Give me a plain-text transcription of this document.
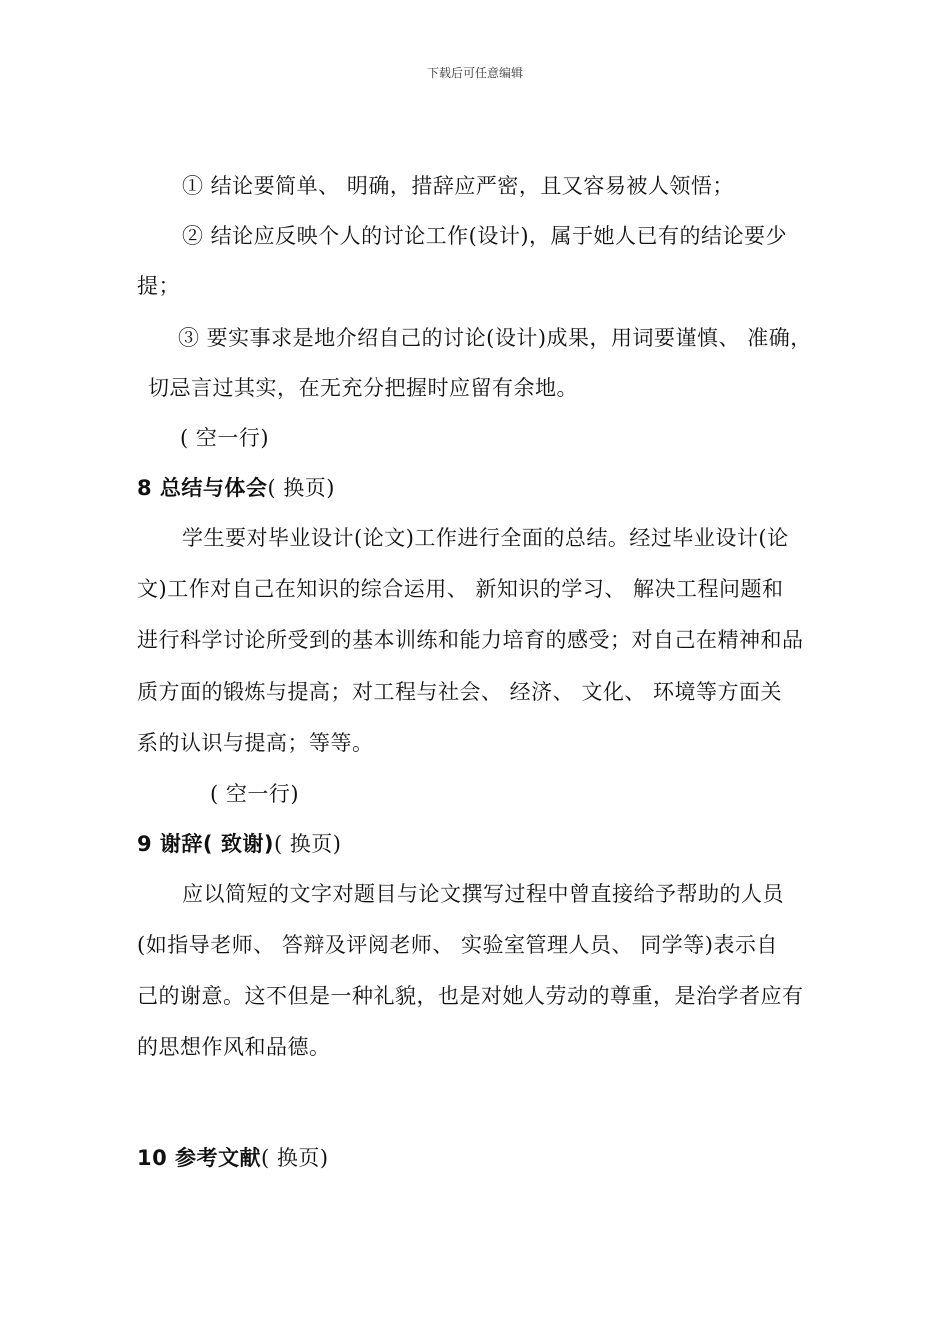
下载后可任意编辑
① 结论要简单、 明确，措辞应严密，且又容易被人领悟；
② 结论应反映个人的讨论工作(设计)，属于她人已有的结论要少
提；
③ 要实事求是地介绍自己的讨论(设计)成果，用词要谨慎、 准确，
切忌言过其实，在无充分把握时应留有余地。
( 空一行)
8 总结与体会( 换页)
学生要对毕业设计(论文)工作进行全面的总结。经过毕业设计(论
文)工作对自己在知识的综合运用、 新知识的学习、 解决工程问题和
进行科学讨论所受到的基本训练和能力培育的感受；对自己在精神和品
质方面的锻炼与提高；对工程与社会、 经济、 文化、 环境等方面关
系的认识与提高；等等。
( 空一行)
9 谢辞( 致谢)( 换页)
应以简短的文字对题目与论文撰写过程中曾直接给予帮助的人员
(如指导老师、 答辩及评阅老师、 实验室管理人员、 同学等)表示自
己的谢意。这不但是一种礼貌，也是对她人劳动的尊重，是治学者应有
的思想作风和品德。
10 参考文献( 换页)
